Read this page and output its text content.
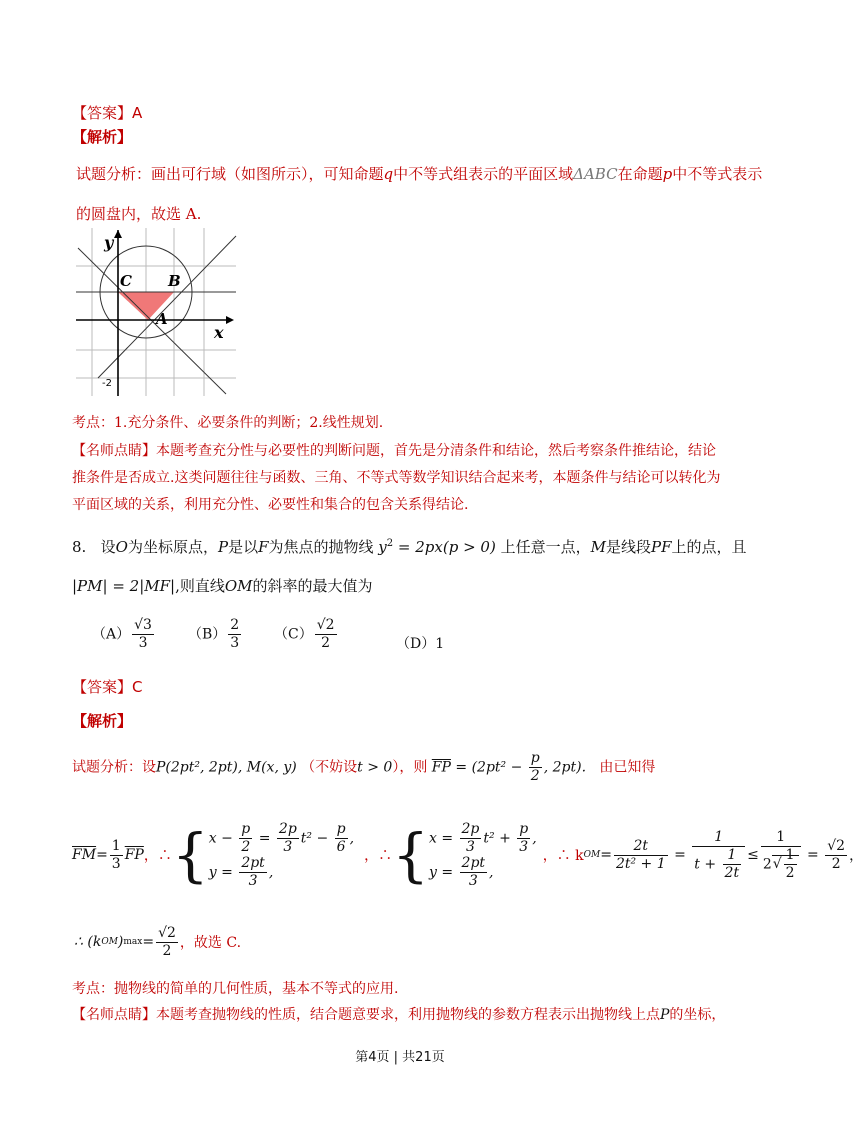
【答案】A
【解析】
试题分析：画出可行域（如图所示），可知命题q中不等式组表示的平面区域ΔABC在命题p中不等式表示
的圆盘内，故选 A.
y
x
C B
A
-2
考点：1.充分条件、必要条件的判断；2.线性规划.
【名师点睛】本题考查充分性与必要性的判断问题，首先是分清条件和结论，然后考察条件推结论，结论
推条件是否成立.这类问题往往与函数、三角、不等式等数学知识结合起来考，本题条件与结论可以转化为
平面区域的关系，利用充分性、必要性和集合的包含关系得结论.
8. 设O为坐标原点，P是以F为焦点的抛物线 $y^2 = 2px(p > 0)$ 上任意一点，M是线段PF上的点，且
|PM| = 2|MF|,则直线OM的斜率的最大值为
$(A) \frac{√3}{3} (B) \frac{2}{3} (C) \frac{√2}{2}$	（D）1
【答案】C
【解析】
试题分析：设P(2pt², 2pt), M(x, y) （不妨设t > 0），则 $\overline{FP} = (2pt^2 - \frac{p}{2}$ , 2pt). 由已知得
$\overline{FM} = \frac{1}{3} \overline{FP}$ ，∴ { $x - \frac{p}{2} = \frac{2p}{3} t^2 - \frac{p}{6}$ ,
$y = \frac{2pt}{3}$ ,
，∴ { $x = \frac{2p}{3} t^2 + \frac{p}{3}$ ,
$y = \frac{2pt}{3}$ ,
，∴ k OM = $\frac{2t}{\text{2t² + 1}} = \frac{1}{t + \frac{1}{2t}} \le \frac{1}{2√ \frac{1}{2}} = \frac{√2}{2}$ ，
∴ (k OM ) $\max = \frac{√2}{2}$ ，故选 C.
考点：抛物线的简单的几何性质，基本不等式的应用.
【名师点睛】本题考查抛物线的性质，结合题意要求，利用抛物线的参数方程表示出抛物线上点P的坐标，
第4页 | 共21页
